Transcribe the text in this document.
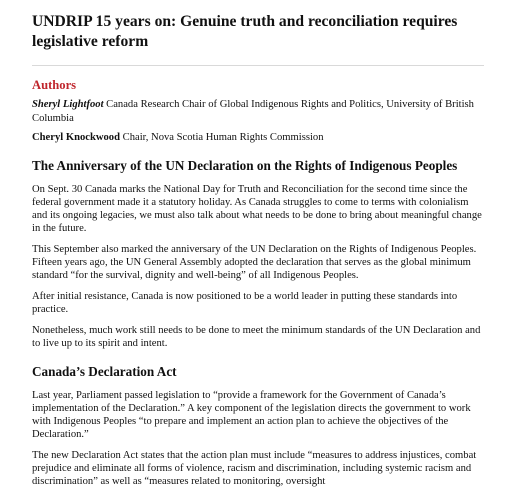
UNDRIP 15 years on: Genuine truth and reconciliation requires legislative reform
Authors

Sheryl Lightfoot Canada Research Chair of Global Indigenous Rights and Politics, University of British Columbia

Cheryl Knockwood Chair, Nova Scotia Human Rights Commission

The Anniversary of the UN Declaration on the Rights of Indigenous Peoples

On Sept. 30 Canada marks the National Day for Truth and Reconciliation for the second time since the federal government made it a statutory holiday. As Canada struggles to come to terms with colonialism and its ongoing legacies, we must also talk about what needs to be done to bring about meaningful change in the future.

This September also marked the anniversary of the UN Declaration on the Rights of Indigenous Peoples. Fifteen years ago, the UN General Assembly adopted the declaration that serves as the global minimum standard “for the survival, dignity and well-being” of all Indigenous Peoples.

After initial resistance, Canada is now positioned to be a world leader in putting these standards into practice.

Nonetheless, much work still needs to be done to meet the minimum standards of the UN Declaration and to live up to its spirit and intent.

Canada’s Declaration Act

Last year, Parliament passed legislation to “provide a framework for the Government of Canada’s implementation of the Declaration.” A key component of the legislation directs the government to work with Indigenous Peoples “to prepare and implement an action plan to achieve the objectives of the Declaration.”

The new Declaration Act states that the action plan must include “measures to address injustices, combat prejudice and eliminate all forms of violence, racism and discrimination, including systemic racism and discrimination” as well as “measures related to monitoring, oversight
